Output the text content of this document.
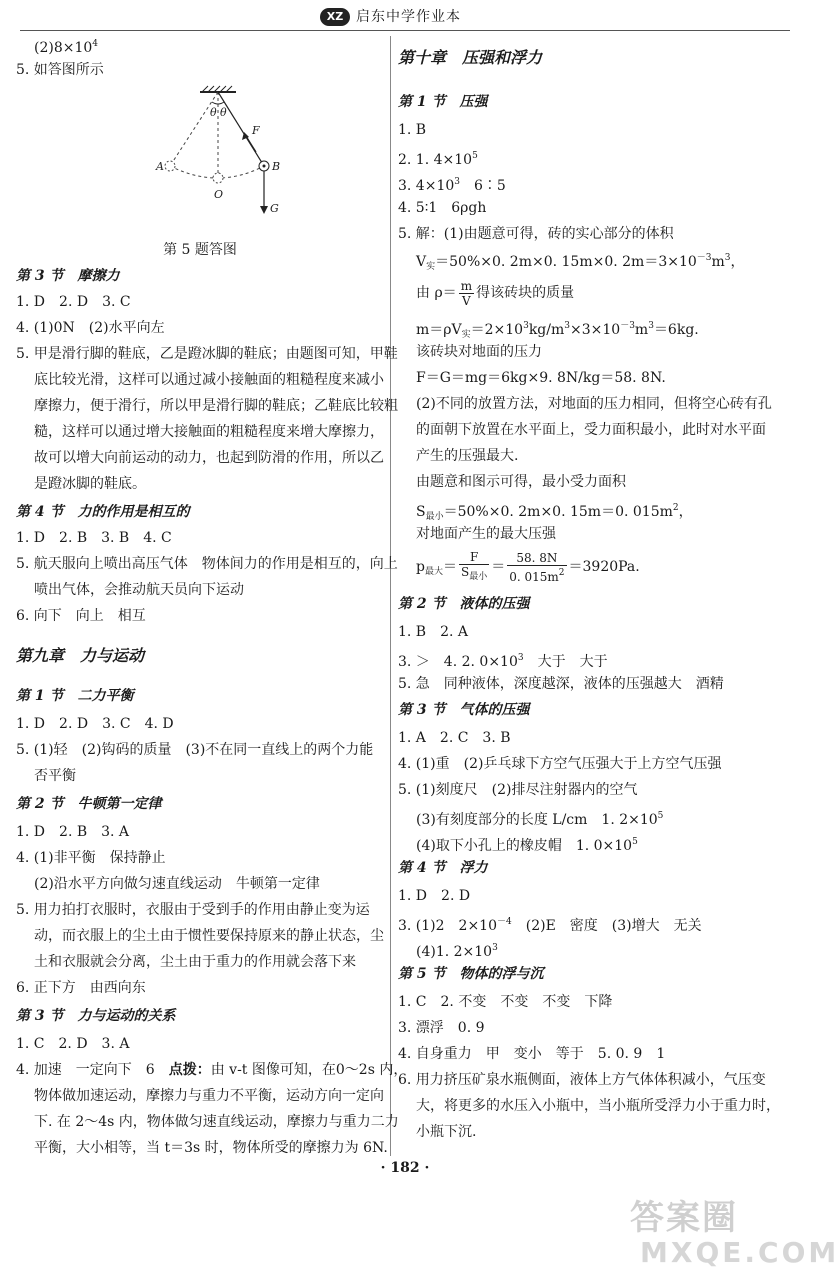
XZ 启东中学作业本
$(2)8\times 10^4$
5. 如答图所示
θ θ
F
A	B
O
G
第 5 题答图
第 3 节　摩擦力
1. D　2. D　3. C
4. (1)0N　(2)水平向左
5. 甲是滑行脚的鞋底，乙是蹬冰脚的鞋底；由题图可知，甲鞋
底比较光滑，这样可以通过减小接触面的粗糙程度来减小
摩擦力，便于滑行，所以甲是滑行脚的鞋底；乙鞋底比较粗
糙，这样可以通过增大接触面的粗糙程度来增大摩擦力，
故可以增大向前运动的动力，也起到防滑的作用，所以乙
是蹬冰脚的鞋底。
第 4 节　力的作用是相互的
1. D　2. B　3. B　4. C
5. 航天服向上喷出高压气体　物体间力的作用是相互的，向上
喷出气体，会推动航天员向下运动
6. 向下　向上　相互
第九章　力与运动
第 1 节　二力平衡
1. D　2. D　3. C　4. D
5. (1)轻　(2)钩码的质量　(3)不在同一直线上的两个力能
否平衡
第 2 节　牛顿第一定律
1. D　2. B　3. A
4. (1)非平衡　保持静止
(2)沿水平方向做匀速直线运动　牛顿第一定律
5. 用力拍打衣服时，衣服由于受到手的作用由静止变为运
动，而衣服上的尘土由于惯性要保持原来的静止状态，尘
土和衣服就会分离，尘土由于重力的作用就会落下来
6. 正下方　由西向东
第 3 节　力与运动的关系
1. C　2. D　3. A
4. 加速　一定向下　6　点拨：由 v-t 图像可知，在0～2s 内，
物体做加速运动，摩擦力与重力不平衡，运动方向一定向
下. 在 2～4s 内，物体做匀速直线运动，摩擦力与重力二力
平衡，大小相等，当 t＝3s 时，物体所受的摩擦力为 6N.
第十章　压强和浮力
第 1 节　压强
1. B
2. 1. $4\times 10^5$
3. $4\times 10^3$　6∶5
4. 5∶1　6ρgh
5. 解：(1)由题意可得，砖的实心部分的体积
$V_实=50\%\times 0$. 2m×0. 15m×0. $2m=3\times 10^{-3}m^3$，
由 $\rho= \frac{m}{V}$ 得该砖块的质量
$m=\rho V_实=2\times 10^3kg/m^3\times 3\times 10^{-3}m^3=6kg$.
该砖块对地面的压力
F＝G＝mg＝6kg×9. 8N/kg＝58. 8N.
(2)不同的放置方法，对地面的压力相同，但将空心砖有孔
的面朝下放置在水平面上，受力面积最小，此时对水平面
产生的压强最大.
由题意和图示可得，最小受力面积
$S_{最小}=50\%\times 0$. 2m×0. 15m＝0. $015m^2$，
对地面产生的最大压强
$p_{最大}= \frac{F}{S_{最小}} = \frac{58. 8N}{0. 015m^2} =3920Pa$.
第 2 节　液体的压强
1. B　2. A
3. ＞　4. 2. $0\times 10^3$　大于　大于
5. 急　同种液体，深度越深，液体的压强越大　酒精
第 3 节　气体的压强
1. A　2. C　3. B
4. (1)重　(2)乒乓球下方空气压强大于上方空气压强
5. (1)刻度尺　(2)排尽注射器内的空气
(3)有刻度部分的长度 L/cm　1. $2\times 10^5$
(4)取下小孔上的橡皮帽　1. $0\times 10^5$
第 4 节　浮力
1. D　2. D
3. (1)2　$2\times 10^{-4}$　(2)E　密度　(3)增大　无关
(4)1. $2\times 10^3$
第 5 节　物体的浮与沉
1. C　2. 不变　不变　不变　下降
3. 漂浮　0. 9
4. 自身重力　甲　变小　等于　5. 0. 9　1
6. 用力挤压矿泉水瓶侧面，液体上方气体体积减小，气压变
大，将更多的水压入小瓶中，当小瓶所受浮力小于重力时，
小瓶下沉.
· 182 ·
答案圈
MXQE.COM
